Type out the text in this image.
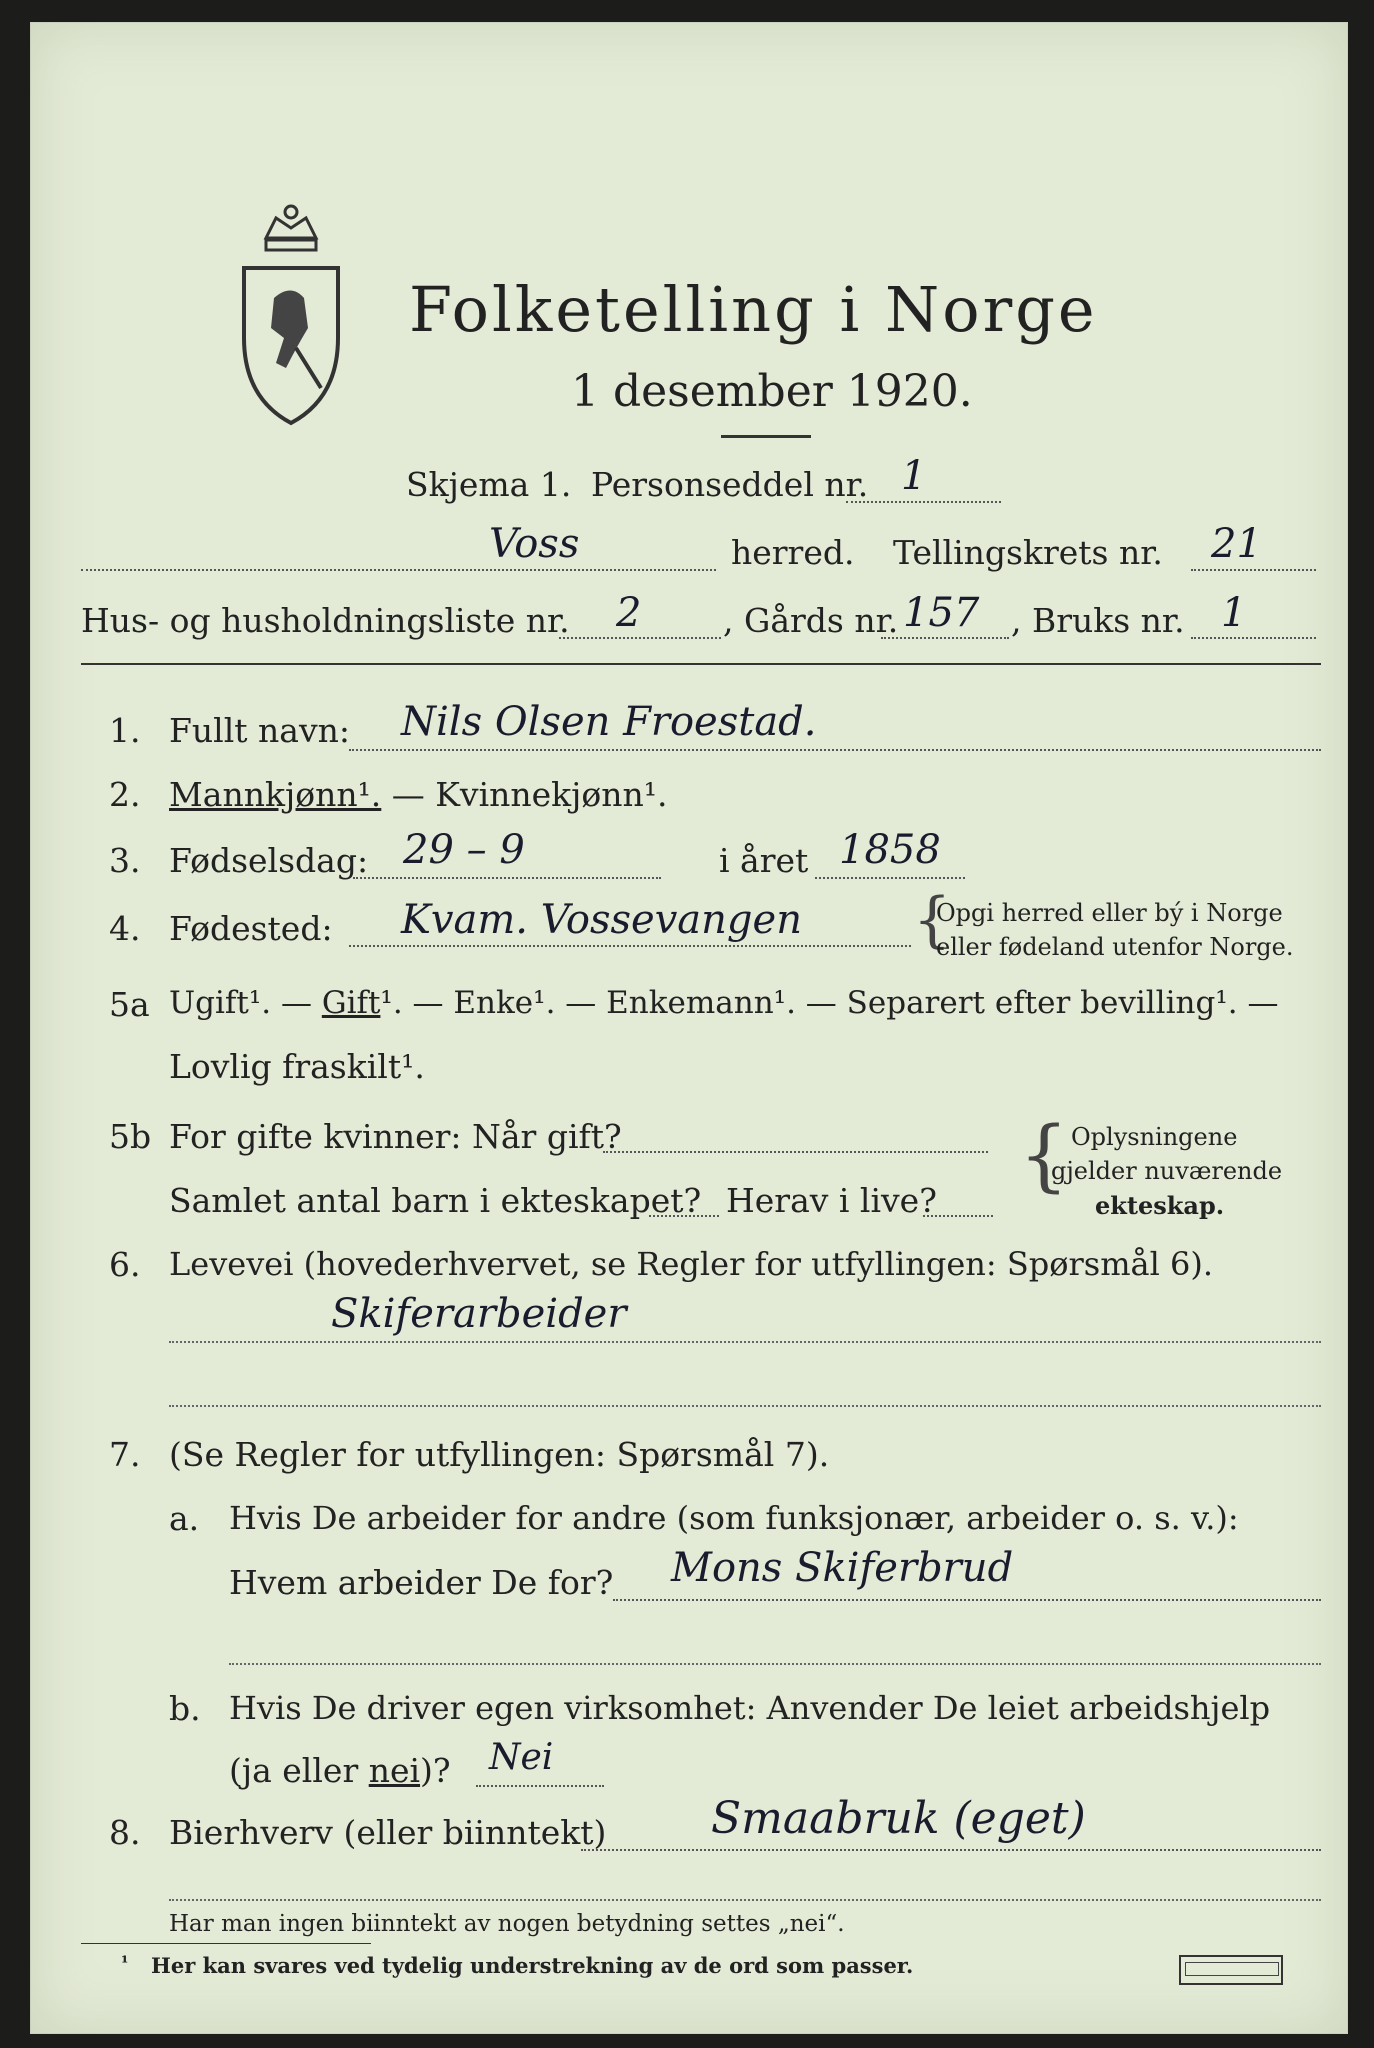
Folketelling i Norge
1 desember 1920.
Skjema 1. Personseddel nr. 1
Voss	herred. Tellingskrets nr. 21
Hus- og husholdningsliste nr. 2 , Gårds nr. 157 , Bruks nr. 1
1. Fullt navn: Nils Olsen Froestad.
2. Mannkjønn¹. — Kvinnekjønn¹.
3. Fødselsdag: 29 – 9	i året 1858
4. Fødested: Kvam. Vossevangen {
Opgi herred eller bý i Norge
eller fødeland utenfor Norge.
5a Ugift¹. — Gift¹. — Enke¹. — Enkemann¹. — Separert efter bevilling¹. —
Lovlig fraskilt¹.
5b For gifte kvinner: Når gift?
Samlet antal barn i ekteskapet? Herav i live? { Oplysningene
gjelder nuværende
ekteskap.
6. Levevei (hovederhvervet, se Regler for utfyllingen: Spørsmål 6).
Skiferarbeider
7. (Se Regler for utfyllingen: Spørsmål 7).
a. Hvis De arbeider for andre (som funksjonær, arbeider o. s. v.):
Hvem arbeider De for? Mons Skiferbrud
b. Hvis De driver egen virksomhet: Anvender De leiet arbeidshjelp
(ja eller nei)? Nei
8. Bierhverv (eller biinntekt) Smaabruk (eget)
Har man ingen biinntekt av nogen betydning settes „nei“.
¹ Her kan svares ved tydelig understrekning av de ord som passer.
